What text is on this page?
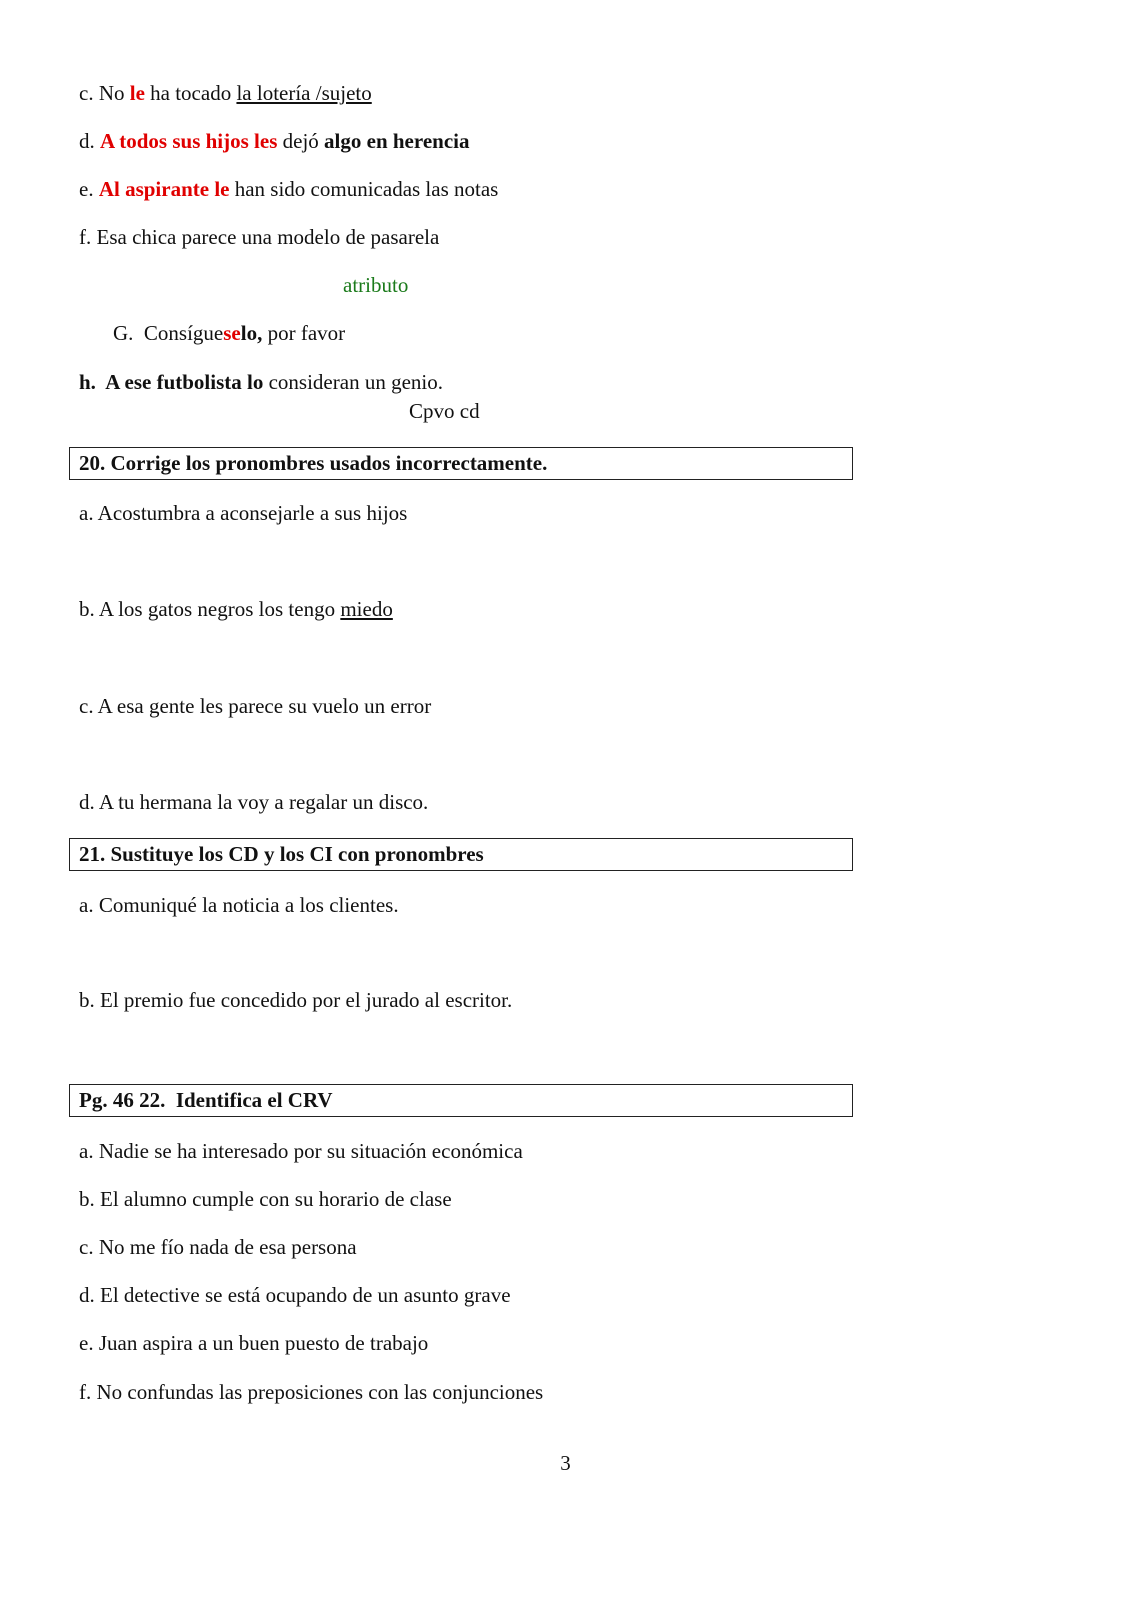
c. No le ha tocado la lotería /sujeto
d. A todos sus hijos les dejó algo en herencia
e. Al aspirante le han sido comunicadas las notas
f. Esa chica parece una modelo de pasarela
atributo
G.  Consígueselo, por favor
h.  A ese futbolista lo consideran un genio.
Cpvo cd
20. Corrige los pronombres usados incorrectamente.
a. Acostumbra a aconsejarle a sus hijos
b. A los gatos negros los tengo miedo
c. A esa gente les parece su vuelo un error
d. A tu hermana la voy a regalar un disco.
21. Sustituye los CD y los CI con pronombres
a. Comuniqué la noticia a los clientes.
b. El premio fue concedido por el jurado al escritor.
Pg. 46 22.  Identifica el CRV
a. Nadie se ha interesado por su situación económica
b. El alumno cumple con su horario de clase
c. No me fío nada de esa persona
d. El detective se está ocupando de un asunto grave
e. Juan aspira a un buen puesto de trabajo
f. No confundas las preposiciones con las conjunciones
3
